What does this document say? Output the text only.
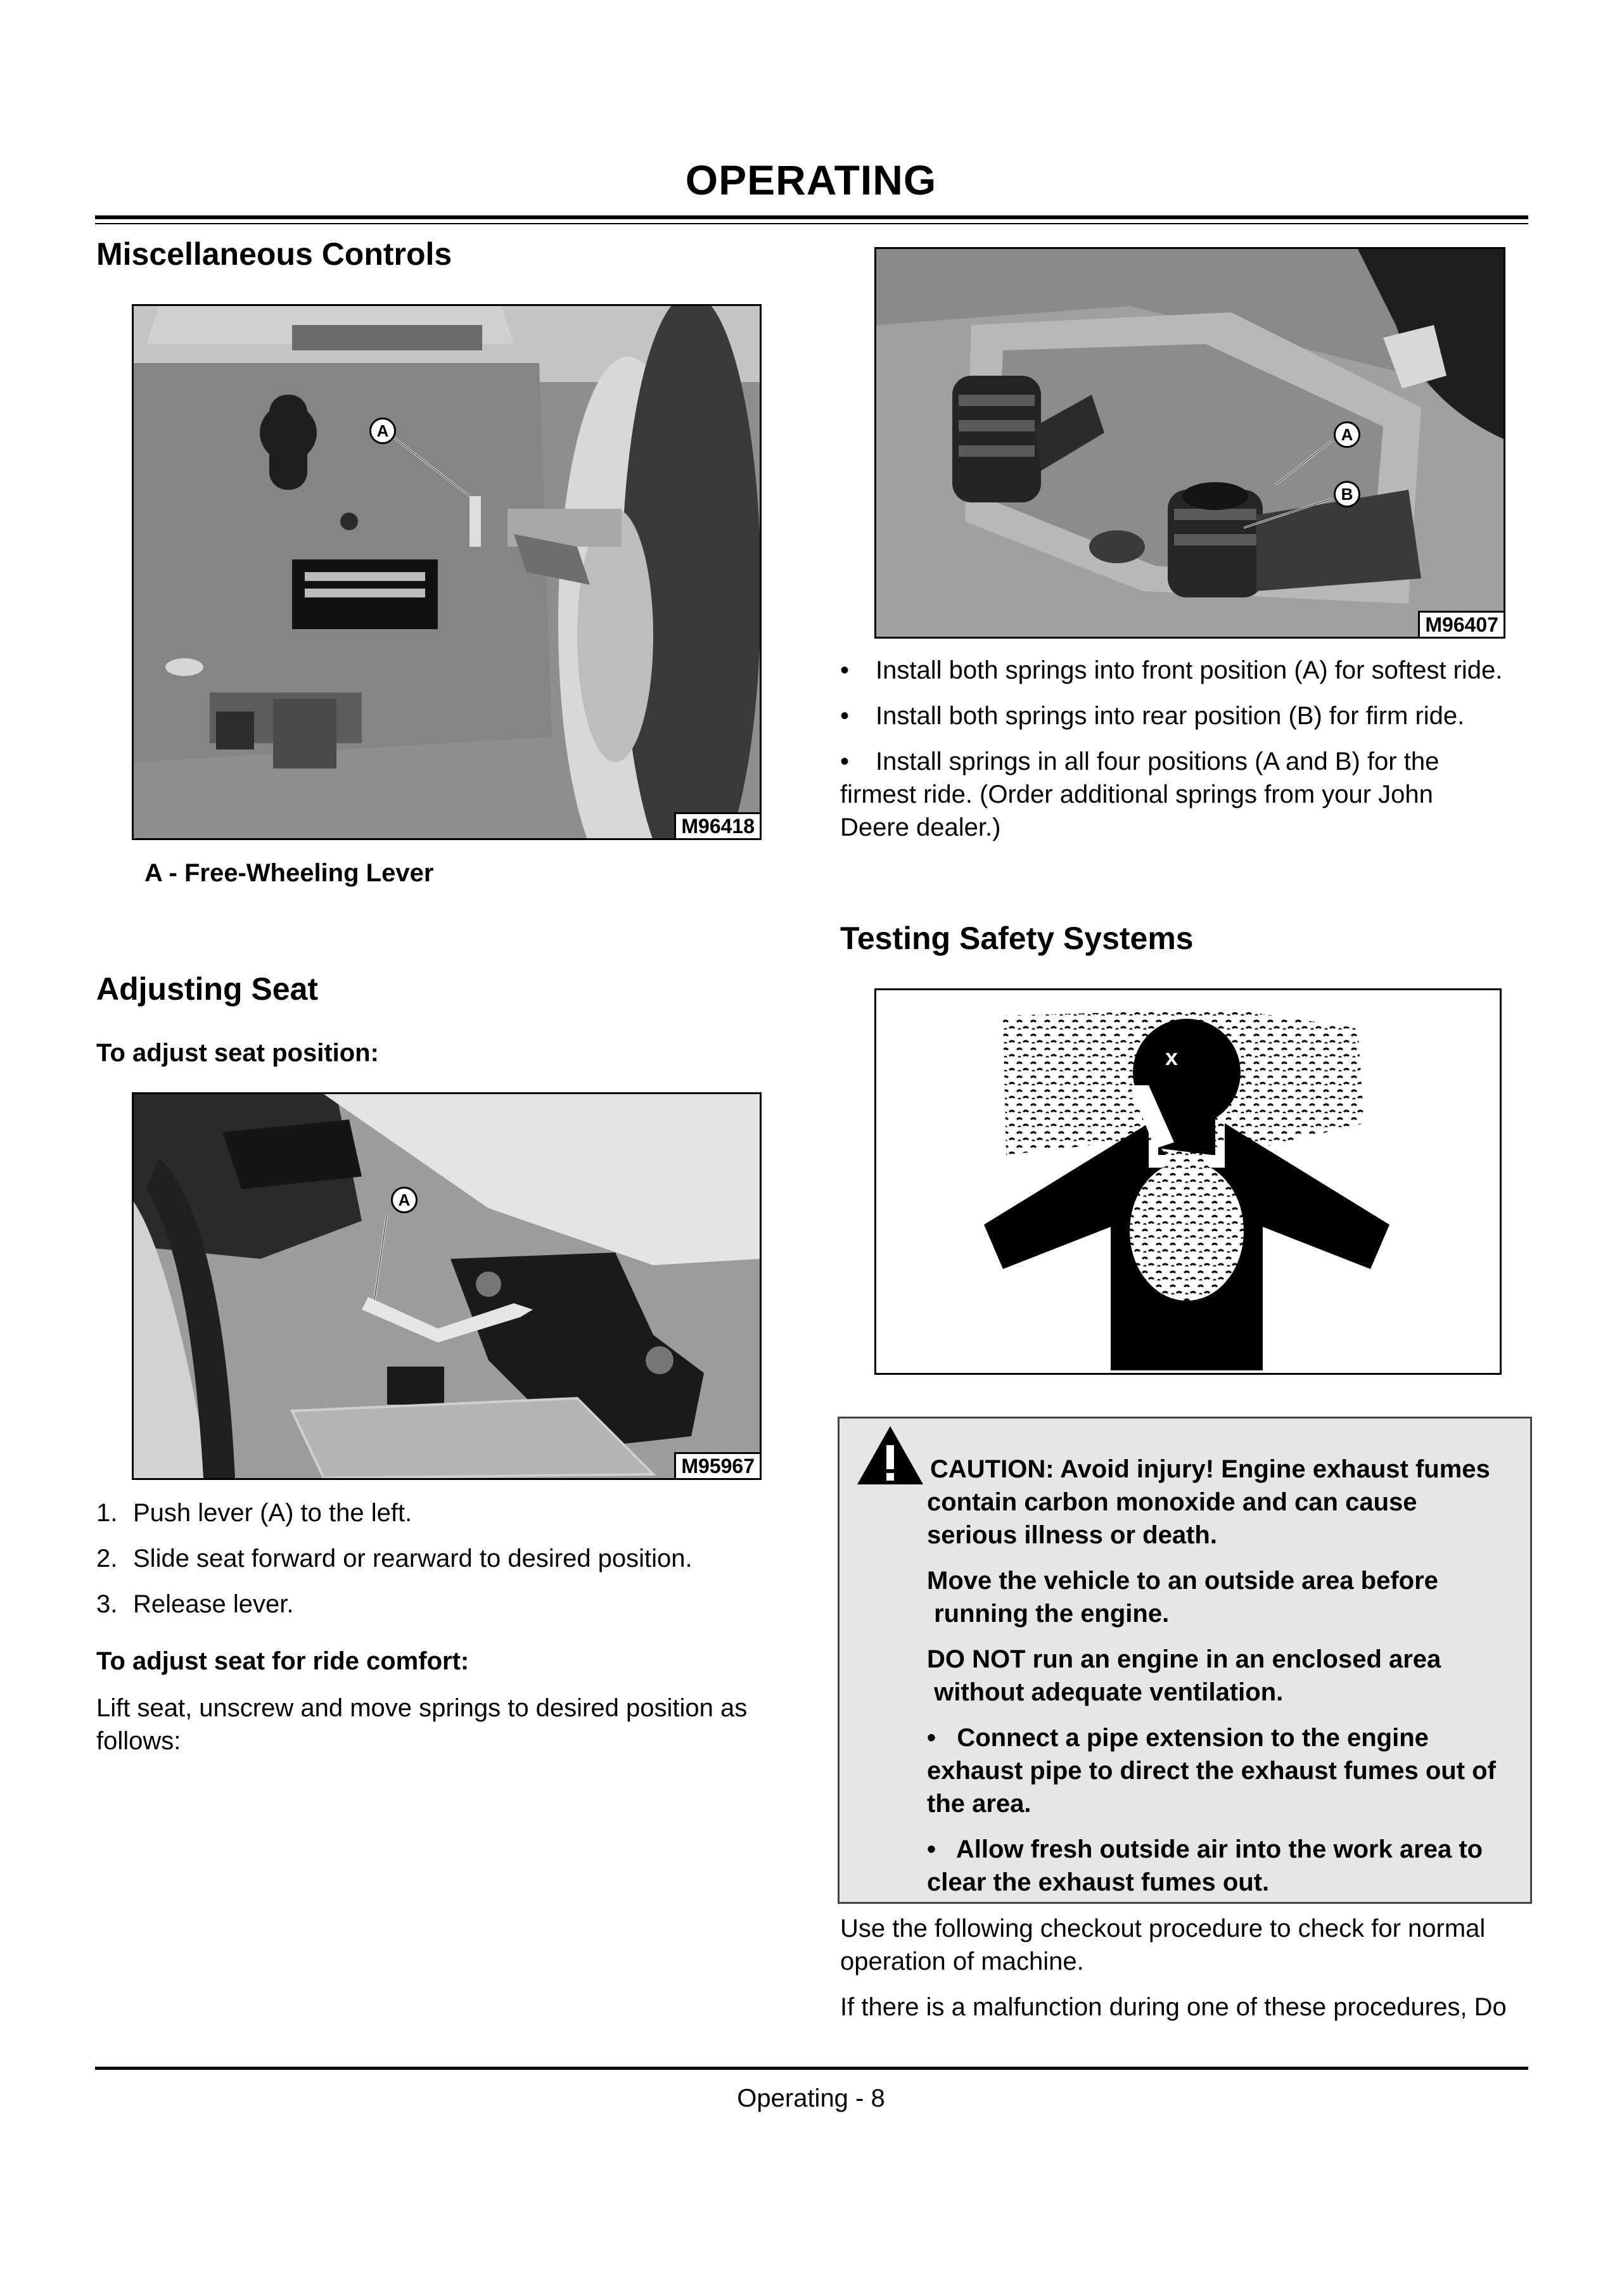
OPERATING
Miscellaneous Controls
A
M96418
A - Free-Wheeling Lever
Adjusting Seat
To adjust seat position:
A
M95967
1. Push lever (A) to the left.
2. Slide seat forward or rearward to desired position.
3. Release lever.
To adjust seat for ride comfort:
Lift seat, unscrew and move springs to desired position as
follows:
A
B
M96407
• Install both springs into front position (A) for softest ride.
• Install both springs into rear position (B) for firm ride.
• Install springs in all four positions (A and B) for the
firmest ride. (Order additional springs from your John
Deere dealer.)
Testing Safety Systems
x
CAUTION: Avoid injury! Engine exhaust fumes
contain carbon monoxide and can cause
serious illness or death.
Move the vehicle to an outside area before
running the engine.
DO NOT run an engine in an enclosed area
without adequate ventilation.
•   Connect a pipe extension to the engine
exhaust pipe to direct the exhaust fumes out of
the area.
•   Allow fresh outside air into the work area to
clear the exhaust fumes out.
Use the following checkout procedure to check for normal
operation of machine.
If there is a malfunction during one of these procedures, Do
Operating - 8
